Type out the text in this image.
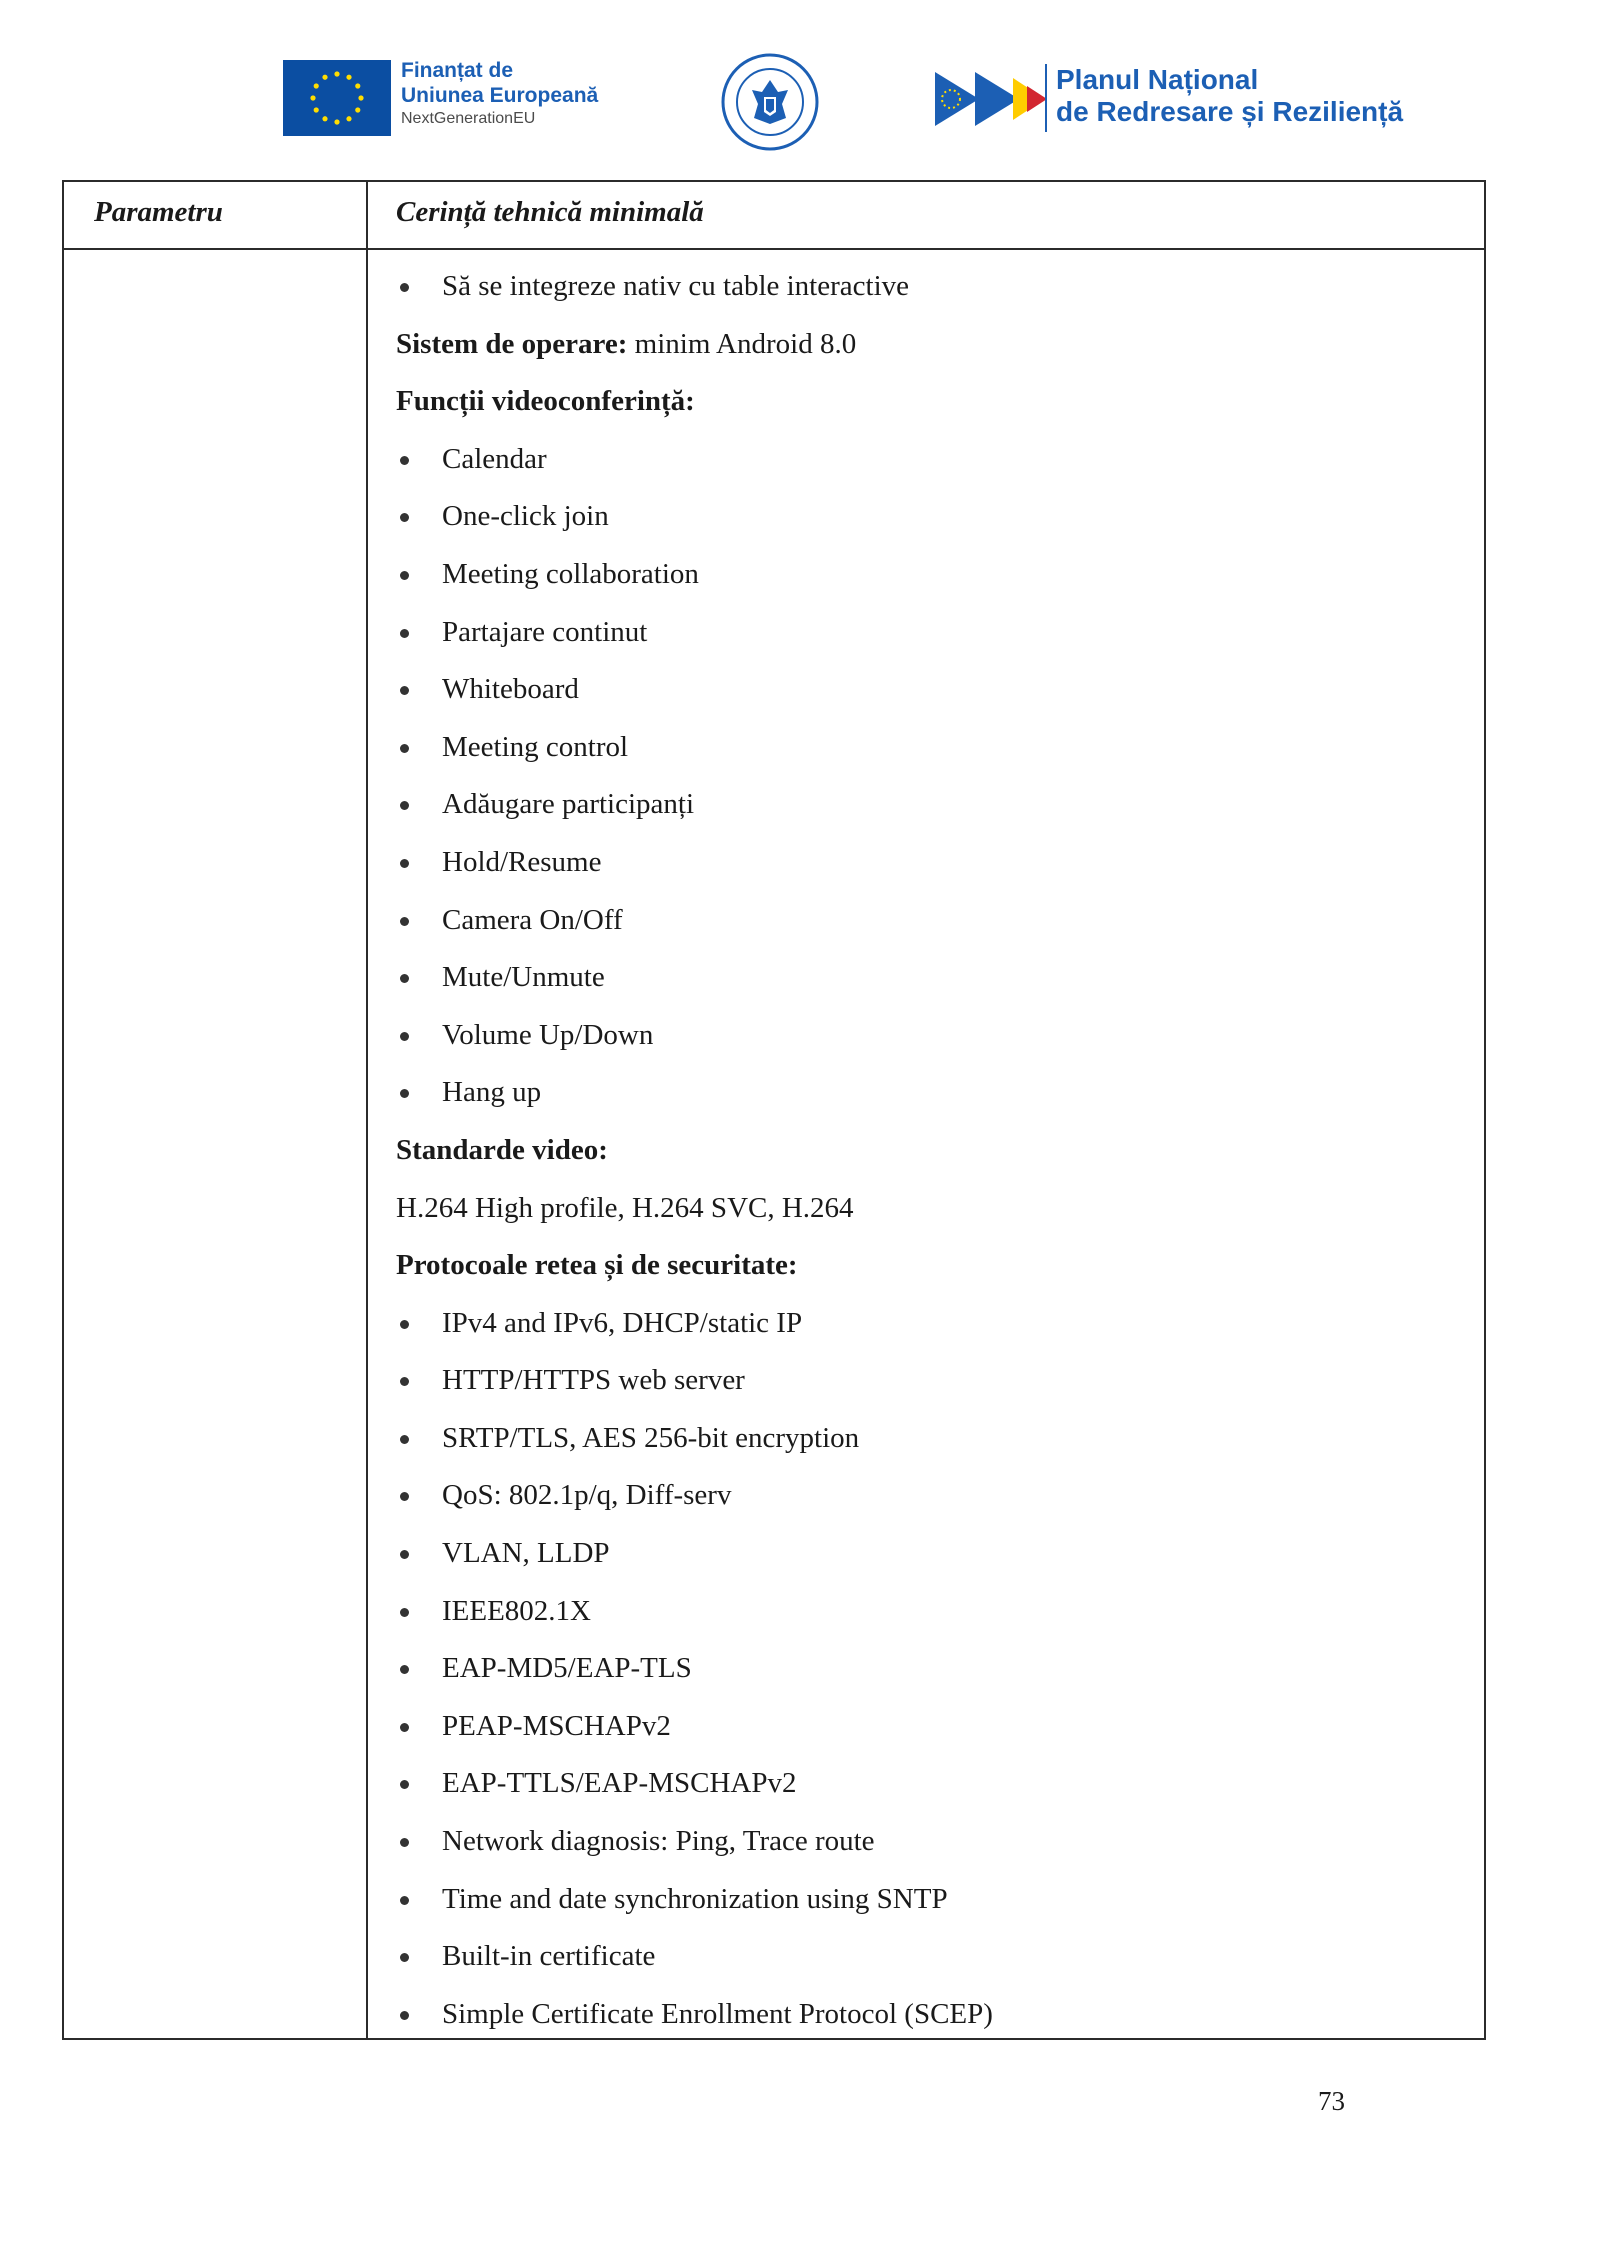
Finanțat de
Uniunea Europeană
NextGenerationEU
Planul Național
de Redresare și Reziliență
Parametru	Cerință tehnică minimală
Să se integreze nativ cu table interactive
Sistem de operare: minim Android 8.0
Funcții videoconferință:
Calendar
One-click join
Meeting collaboration
Partajare continut
Whiteboard
Meeting control
Adăugare participanți
Hold/Resume
Camera On/Off
Mute/Unmute
Volume Up/Down
Hang up
Standarde video:
H.264 High profile, H.264 SVC, H.264
Protocoale retea și de securitate:
IPv4 and IPv6, DHCP/static IP
HTTP/HTTPS web server
SRTP/TLS, AES 256-bit encryption
QoS: 802.1p/q, Diff-serv
VLAN, LLDP
IEEE802.1X
EAP-MD5/EAP-TLS
PEAP-MSCHAPv2
EAP-TTLS/EAP-MSCHAPv2
Network diagnosis: Ping, Trace route
Time and date synchronization using SNTP
Built-in certificate
Simple Certificate Enrollment Protocol (SCEP)
73
